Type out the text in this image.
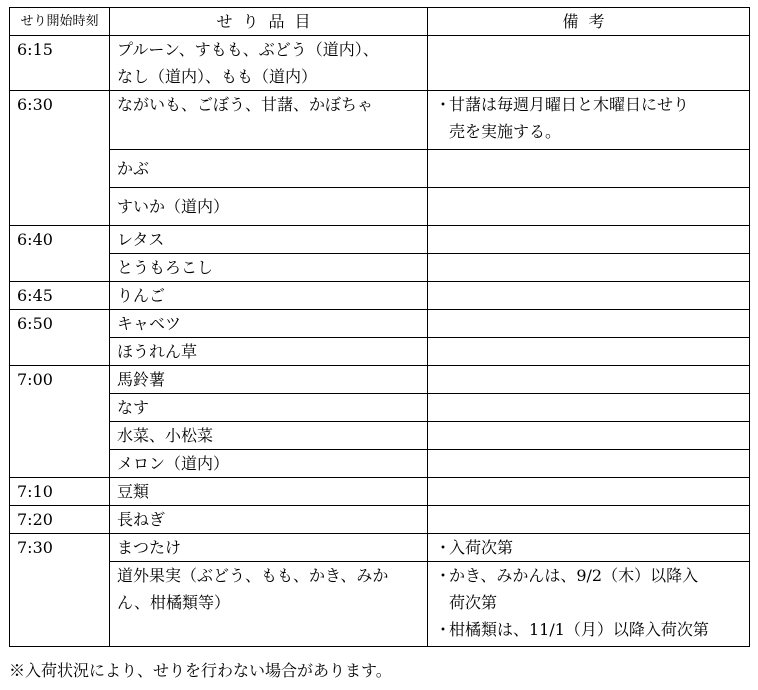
せり開始時刻	せり品目	備考
6:15	プルーン、すもも、ぶどう（道内）、
なし（道内）、もも（道内）	

6:30	ながいも、ごぼう、甘藷、かぼちゃ	・甘藷は毎週月曜日と木曜日にせり
売を実施する。

	かぶ	
	すいか（道内）	
6:40	レタス	
	とうもろこし	
6:45	りんご	
6:50	キャベツ	
	ほうれん草	
7:00	馬鈴薯	
	なす	
	水菜、小松菜	
	メロン（道内）	
7:10	豆類	
7:20	長ねぎ	
7:30	まつたけ	・入荷次第

	道外果実（ぶどう、もも、かき、みか
ん、柑橘類等）	・かき、みかんは、9/2（木）以降入
荷次第
・柑橘類は、11/1（月）以降入荷次第
※入荷状況により、せりを行わない場合があります。
